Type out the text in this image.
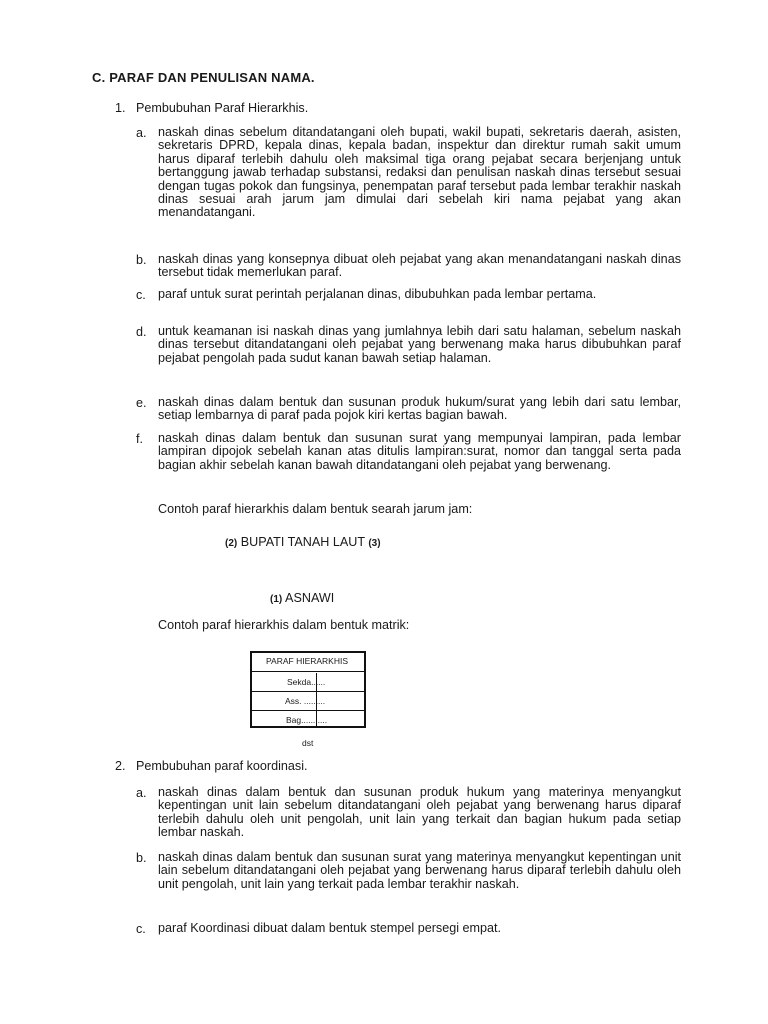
C. PARAF DAN PENULISAN NAMA.
1. Pembubuhan Paraf Hierarkhis.
a. naskah dinas sebelum ditandatangani oleh bupati, wakil bupati, sekretaris daerah, asisten, sekretaris DPRD, kepala dinas, kepala badan, inspektur dan direktur rumah sakit umum harus diparaf terlebih dahulu oleh maksimal tiga orang pejabat secara berjenjang untuk bertanggung jawab terhadap substansi, redaksi dan penulisan naskah dinas tersebut sesuai dengan tugas pokok dan fungsinya, penempatan paraf tersebut pada lembar terakhir naskah dinas sesuai arah jarum jam dimulai dari sebelah kiri nama pejabat yang akan menandatangani.
b. naskah dinas yang konsepnya dibuat oleh pejabat yang akan menandatangani naskah dinas tersebut tidak memerlukan paraf.
c. paraf untuk surat perintah perjalanan dinas, dibubuhkan pada lembar pertama.
d. untuk keamanan isi naskah dinas yang jumlahnya lebih dari satu halaman, sebelum naskah dinas tersebut ditandatangani oleh pejabat yang berwenang maka harus dibubuhkan paraf pejabat pengolah pada sudut kanan bawah setiap halaman.
e. naskah dinas dalam bentuk dan susunan produk hukum/surat yang lebih dari satu lembar, setiap lembarnya di paraf pada pojok kiri kertas bagian bawah.
f. naskah dinas dalam bentuk dan susunan surat yang mempunyai lampiran, pada lembar lampiran dipojok sebelah kanan atas ditulis lampiran:surat, nomor dan tanggal serta pada bagian akhir sebelah kanan bawah ditandatangani oleh pejabat yang berwenang.
Contoh paraf hierarkhis dalam bentuk searah jarum jam:
(2) BUPATI TANAH LAUT (3)
(1) ASNAWI
Contoh paraf hierarkhis dalam bentuk matrik:
PARAF HIERARKHIS
Sekda......
Ass. .........
Bag...........
dst
2. Pembubuhan paraf koordinasi.
a. naskah dinas dalam bentuk dan susunan produk hukum yang materinya menyangkut kepentingan unit lain sebelum ditandatangani oleh pejabat yang berwenang harus diparaf terlebih dahulu oleh unit pengolah, unit lain yang terkait dan bagian hukum pada setiap lembar naskah.
b. naskah dinas dalam bentuk dan susunan surat yang materinya menyangkut kepentingan unit lain sebelum ditandatangani oleh pejabat yang berwenang harus diparaf terlebih dahulu oleh unit pengolah, unit lain yang terkait pada lembar terakhir naskah.
c. paraf Koordinasi dibuat dalam bentuk stempel persegi empat.
